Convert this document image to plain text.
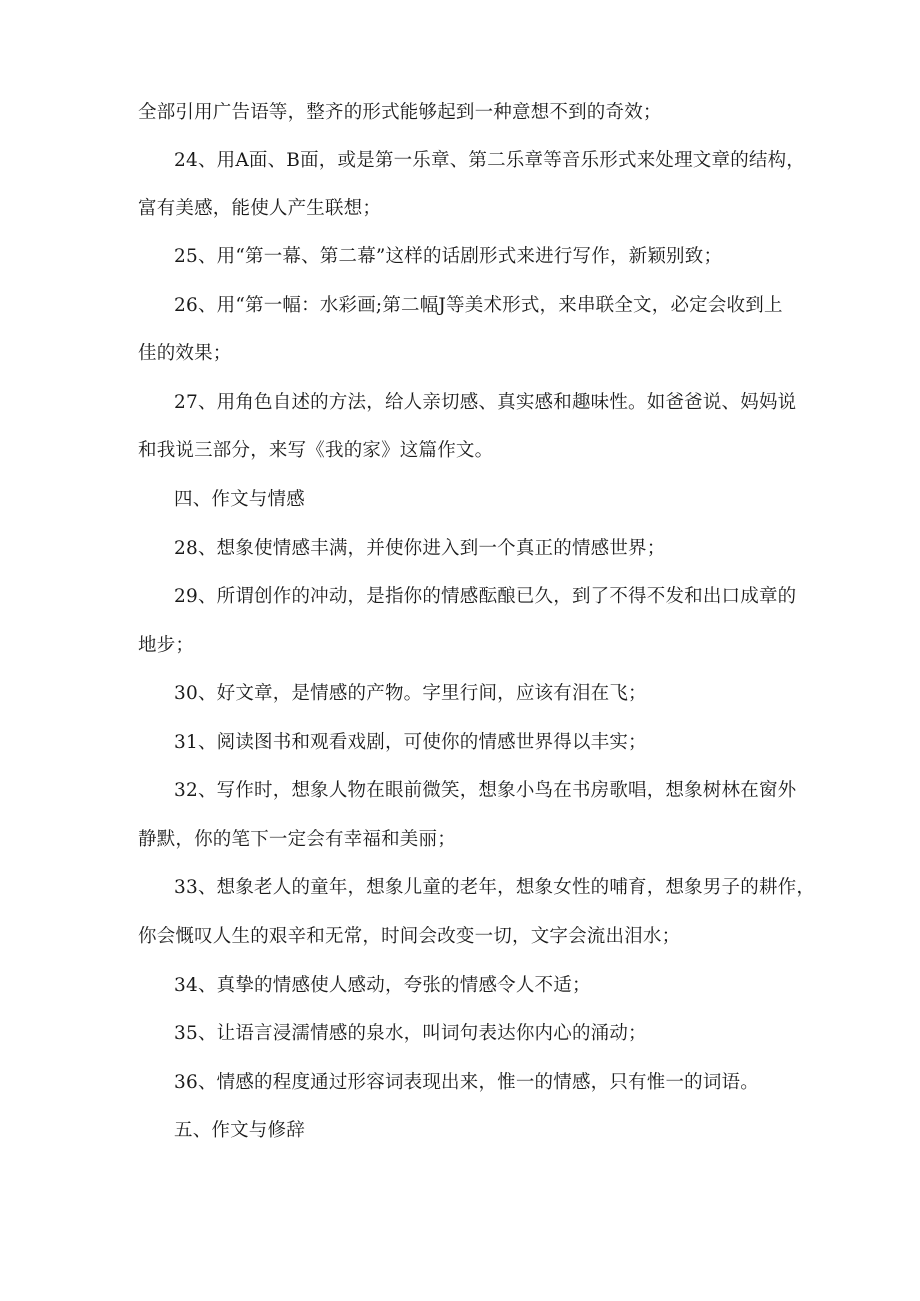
全部引用广告语等，整齐的形式能够起到一种意想不到的奇效；
24、用A面、B面，或是第一乐章、第二乐章等音乐形式来处理文章的结构，
富有美感，能使人产生联想；
25、用“第一幕、第二幕”这样的话剧形式来进行写作，新颖别致；
26、用“第一幅：水彩画;第二幅J等美术形式，来串联全文，必定会收到上
佳的效果；
27、用角色自述的方法，给人亲切感、真实感和趣味性。如爸爸说、妈妈说
和我说三部分，来写《我的家》这篇作文。
四、作文与情感
28、想象使情感丰满，并使你进入到一个真正的情感世界；
29、所谓创作的冲动，是指你的情感酝酿已久，到了不得不发和出口成章的
地步；
30、好文章，是情感的产物。字里行间，应该有泪在飞；
31、阅读图书和观看戏剧，可使你的情感世界得以丰实；
32、写作时，想象人物在眼前微笑，想象小鸟在书房歌唱，想象树林在窗外
静默，你的笔下一定会有幸福和美丽；
33、想象老人的童年，想象儿童的老年，想象女性的哺育，想象男子的耕作，
你会慨叹人生的艰辛和无常，时间会改变一切，文字会流出泪水；
34、真挚的情感使人感动，夸张的情感令人不适；
35、让语言浸濡情感的泉水，叫词句表达你内心的涌动；
36、情感的程度通过形容词表现出来，惟一的情感，只有惟一的词语。
五、作文与修辞
